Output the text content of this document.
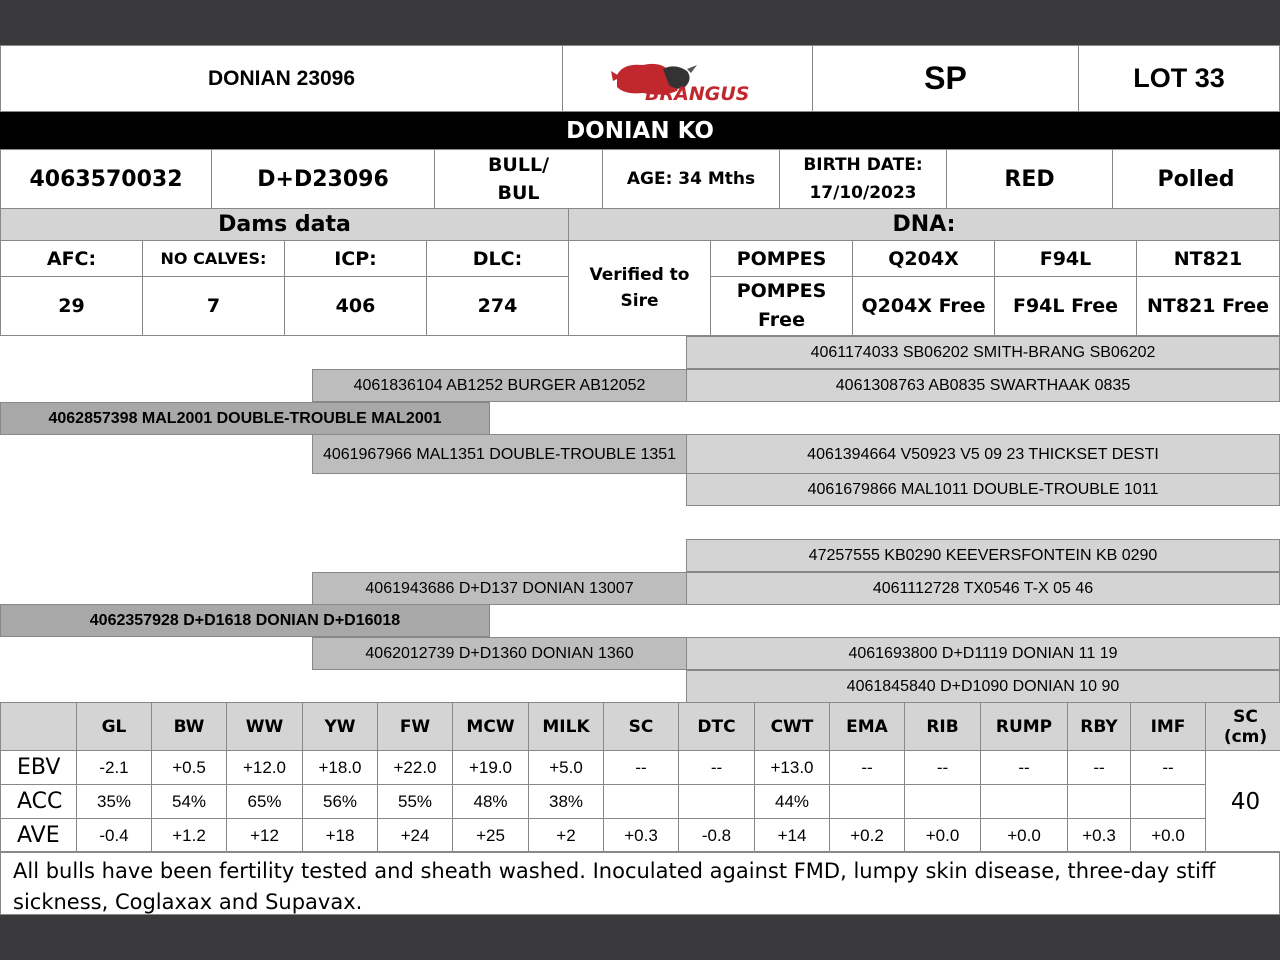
DONIAN 23096
BRANGUS	SP	LOT 33
DONIAN KO
4063570032	D+D23096
BULL/ BUL
AGE: 34 Mths
BIRTH DATE:
17/10/2023
RED	Polled
Dams data	DNA:
AFC:	NO CALVES:	ICP:	DLC:
29	7	406	274
Verified to Sire
POMPES	Q204X	F94L	NT821
POMPES Free
Q204X Free	F94L Free	NT821 Free
4061174033 SB06202 SMITH-BRANG SB06202
4061836104 AB1252 BURGER AB12052	4061308763 AB0835 SWARTHAAK 0835
4062857398 MAL2001 DOUBLE-TROUBLE MAL2001
4061967966 MAL1351 DOUBLE-TROUBLE 1351	4061394664 V50923 V5 09 23 THICKSET DESTI
4061679866 MAL1011 DOUBLE-TROUBLE 1011
47257555 KB0290 KEEVERSFONTEIN KB 0290
4061943686 D+D137 DONIAN 13007	4061112728 TX0546 T-X 05 46
4062357928 D+D1618 DONIAN D+D16018
4062012739 D+D1360 DONIAN 1360	4061693800 D+D1119 DONIAN 11 19
4061845840 D+D1090 DONIAN 10 90
	GL	BW	WW	YW	FW	MCW	MILK	SC	DTC	CWT	EMA	RIB	RUMP	RBY	IMF	SC (cm)
EBV	-2.1	+0.5	+12.0	+18.0	+22.0	+19.0	+5.0	--	--	+13.0	--	--	--	--	--	40
ACC	35%	54%	65%	56%	55%	48%	38%			44%						
AVE	-0.4	+1.2	+12	+18	+24	+25	+2	+0.3	-0.8	+14	+0.2	+0.0	+0.0	+0.3	+0.0	
All bulls have been fertility tested and sheath washed. Inoculated against FMD, lumpy skin disease, three-day stiff sickness, Coglaxax and Supavax.
